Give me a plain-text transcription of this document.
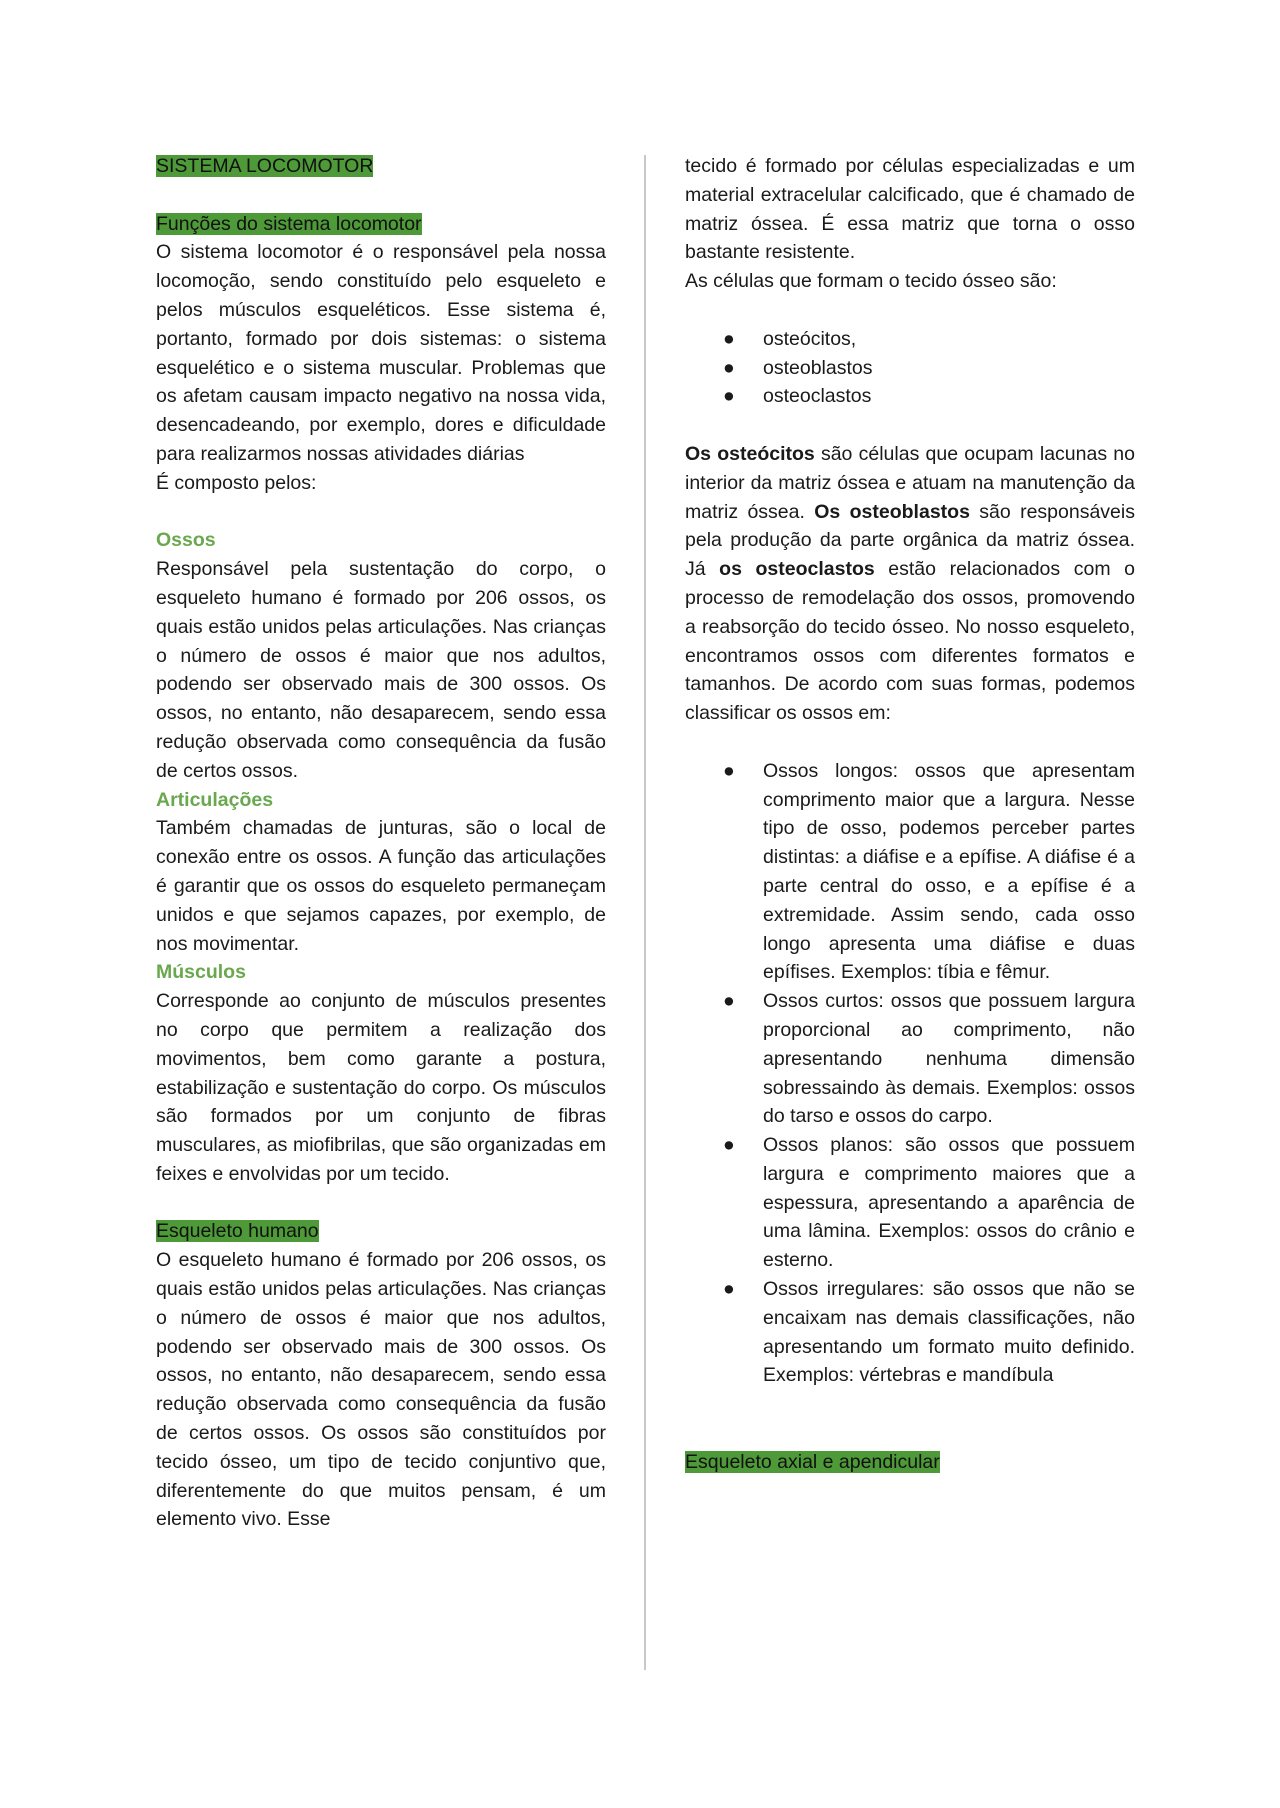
SISTEMA LOCOMOTOR

Funções do sistema locomotor

O sistema locomotor é o responsável pela nossa locomoção, sendo constituído pelo esqueleto e pelos músculos esqueléticos. Esse sistema é, portanto, formado por dois sistemas: o sistema esquelético e o sistema muscular. Problemas que os afetam causam impacto negativo na nossa vida, desencadeando, por exemplo, dores e dificuldade para realizarmos nossas atividades diárias

É composto pelos:

Ossos

Responsável pela sustentação do corpo, o esqueleto humano é formado por 206 ossos, os quais estão unidos pelas articulações. Nas crianças o número de ossos é maior que nos adultos, podendo ser observado mais de 300 ossos. Os ossos, no entanto, não desaparecem, sendo essa redução observada como consequência da fusão de certos ossos.

Articulações

Também chamadas de junturas, são o local de conexão entre os ossos. A função das articulações é garantir que os ossos do esqueleto permaneçam unidos e que sejamos capazes, por exemplo, de nos movimentar.

Músculos

Corresponde ao conjunto de músculos presentes no corpo que permitem a realização dos movimentos, bem como garante a postura, estabilização e sustentação do corpo. Os músculos são formados por um conjunto de fibras musculares, as miofibrilas, que são organizadas em feixes e envolvidas por um tecido.

Esqueleto humano

O esqueleto humano é formado por 206 ossos, os quais estão unidos pelas articulações. Nas crianças o número de ossos é maior que nos adultos, podendo ser observado mais de 300 ossos. Os ossos, no entanto, não desaparecem, sendo essa redução observada como consequência da fusão de certos ossos. Os ossos são constituídos por tecido ósseo, um tipo de tecido conjuntivo que, diferentemente do que muitos pensam, é um elemento vivo. Esse

tecido é formado por células especializadas e um material extracelular calcificado, que é chamado de matriz óssea. É essa matriz que torna o osso bastante resistente.

As células que formam o tecido ósseo são:

● osteócitos,
● osteoblastos
● osteoclastos

Os osteócitos são células que ocupam lacunas no interior da matriz óssea e atuam na manutenção da matriz óssea. Os osteoblastos são responsáveis pela produção da parte orgânica da matriz óssea. Já os osteoclastos estão relacionados com o processo de remodelação dos ossos, promovendo a reabsorção do tecido ósseo. No nosso esqueleto, encontramos ossos com diferentes formatos e tamanhos. De acordo com suas formas, podemos classificar os ossos em:

● Ossos longos: ossos que apresentam comprimento maior que a largura. Nesse tipo de osso, podemos perceber partes distintas: a diáfise e a epífise. A diáfise é a parte central do osso, e a epífise é a extremidade. Assim sendo, cada osso longo apresenta uma diáfise e duas epífises. Exemplos: tíbia e fêmur.
● Ossos curtos: ossos que possuem largura proporcional ao comprimento, não apresentando nenhuma dimensão sobressaindo às demais. Exemplos: ossos do tarso e ossos do carpo.
● Ossos planos: são ossos que possuem largura e comprimento maiores que a espessura, apresentando a aparência de uma lâmina. Exemplos: ossos do crânio e esterno.
● Ossos irregulares: são ossos que não se encaixam nas demais classificações, não apresentando um formato muito definido. Exemplos: vértebras e mandíbula

Esqueleto axial e apendicular
